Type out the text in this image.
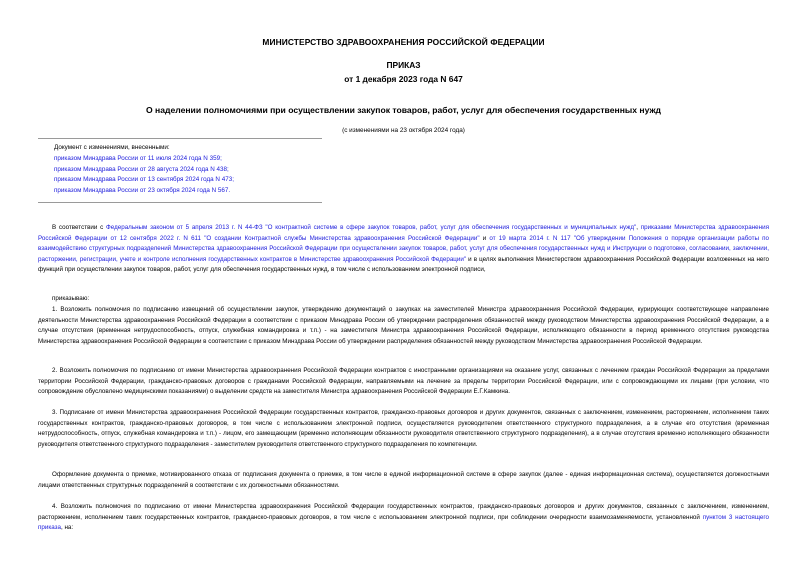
МИНИСТЕРСТВО ЗДРАВООХРАНЕНИЯ РОССИЙСКОЙ ФЕДЕРАЦИИ
ПРИКАЗ
от 1 декабря 2023 года N 647
О наделении полномочиями при осуществлении закупок товаров, работ, услуг для обеспечения государственных нужд
(с изменениями на 23 октября 2024 года)
Документ с изменениями, внесенными:
приказом Минздрава России от 11 июля 2024 года N 359;
приказом Минздрава России от 28 августа 2024 года N 438;
приказом Минздрава России от 13 сентября 2024 года N 473;
приказом Минздрава России от 23 октября 2024 года N 567.
В соответствии с Федеральным законом от 5 апреля 2013 г. N 44-ФЗ "О контрактной системе в сфере закупок товаров, работ, услуг для обеспечения государственных и муниципальных нужд", приказами Министерства здравоохранения Российской Федерации от 12 сентября 2022 г. N 611 "О создании Контрактной службы Министерства здравоохранения Российской Федерации" и от 19 марта 2014 г. N 117 "Об утверждении Положения о порядке организации работы по взаимодействию структурных подразделений Министерства здравоохранения Российской Федерации при осуществлении закупок товаров, работ, услуг для обеспечения государственных нужд и Инструкции о подготовке, согласовании, заключении, расторжении, регистрации, учете и контроле исполнения государственных контрактов в Министерстве здравоохранения Российской Федерации" и в целях выполнения Министерством здравоохранения Российской Федерации возложенных на него функций при осуществлении закупок товаров, работ, услуг для обеспечения государственных нужд, в том числе с использованием электронной подписи,
приказываю:
1. Возложить полномочия по подписанию извещений об осуществлении закупок, утверждению документаций о закупках на заместителей Министра здравоохранения Российской Федерации, курирующих соответствующее направление деятельности Министерства здравоохранения Российской Федерации в соответствии с приказом Минздрава России об утверждении распределения обязанностей между руководством Министерства здравоохранения Российской Федерации, а в случае отсутствия (временная нетрудоспособность, отпуск, служебная командировка и т.п.) - на заместителя Министра здравоохранения Российской Федерации, исполняющего обязанности в период временного отсутствия руководства Министерства здравоохранения Российской Федерации в соответствии с приказом Минздрава России об утверждении распределения обязанностей между руководством Министерства здравоохранения Российской Федерации.
2. Возложить полномочия по подписанию от имени Министерства здравоохранения Российской Федерации контрактов с иностранными организациями на оказание услуг, связанных с лечением граждан Российской Федерации за пределами территории Российской Федерации, гражданско-правовых договоров с гражданами Российской Федерации, направляемыми на лечение за пределы территории Российской Федерации, или с сопровождающими их лицами (при условии, что сопровождение обусловлено медицинскими показаниями) о выделении средств на заместителя Министра здравоохранения Российской Федерации Е.Г.Камкина.
3. Подписание от имени Министерства здравоохранения Российской Федерации государственных контрактов, гражданско-правовых договоров и других документов, связанных с заключением, изменением, расторжением, исполнением таких государственных контрактов, гражданско-правовых договоров, в том числе с использованием электронной подписи, осуществляется руководителем ответственного структурного подразделения, а в случае его отсутствия (временная нетрудоспособность, отпуск, служебная командировка и т.п.) - лицом, его замещающим (временно исполняющим обязанности руководителя ответственного структурного подразделения), а в случае отсутствия временно исполняющего обязанности руководителя ответственного структурного подразделения - заместителем руководителя ответственного структурного подразделения по компетенции.
Оформление документа о приемке, мотивированного отказа от подписания документа о приемке, в том числе в единой информационной системе в сфере закупок (далее - единая информационная система), осуществляется должностными лицами ответственных структурных подразделений в соответствии с их должностными обязанностями.
4. Возложить полномочия по подписанию от имени Министерства здравоохранения Российской Федерации государственных контрактов, гражданско-правовых договоров и других документов, связанных с заключением, изменением, расторжением, исполнением таких государственных контрактов, гражданско-правовых договоров, в том числе с использованием электронной подписи, при соблюдении очередности взаимозаменяемости, установленной пунктом 3 настоящего приказа, на:
